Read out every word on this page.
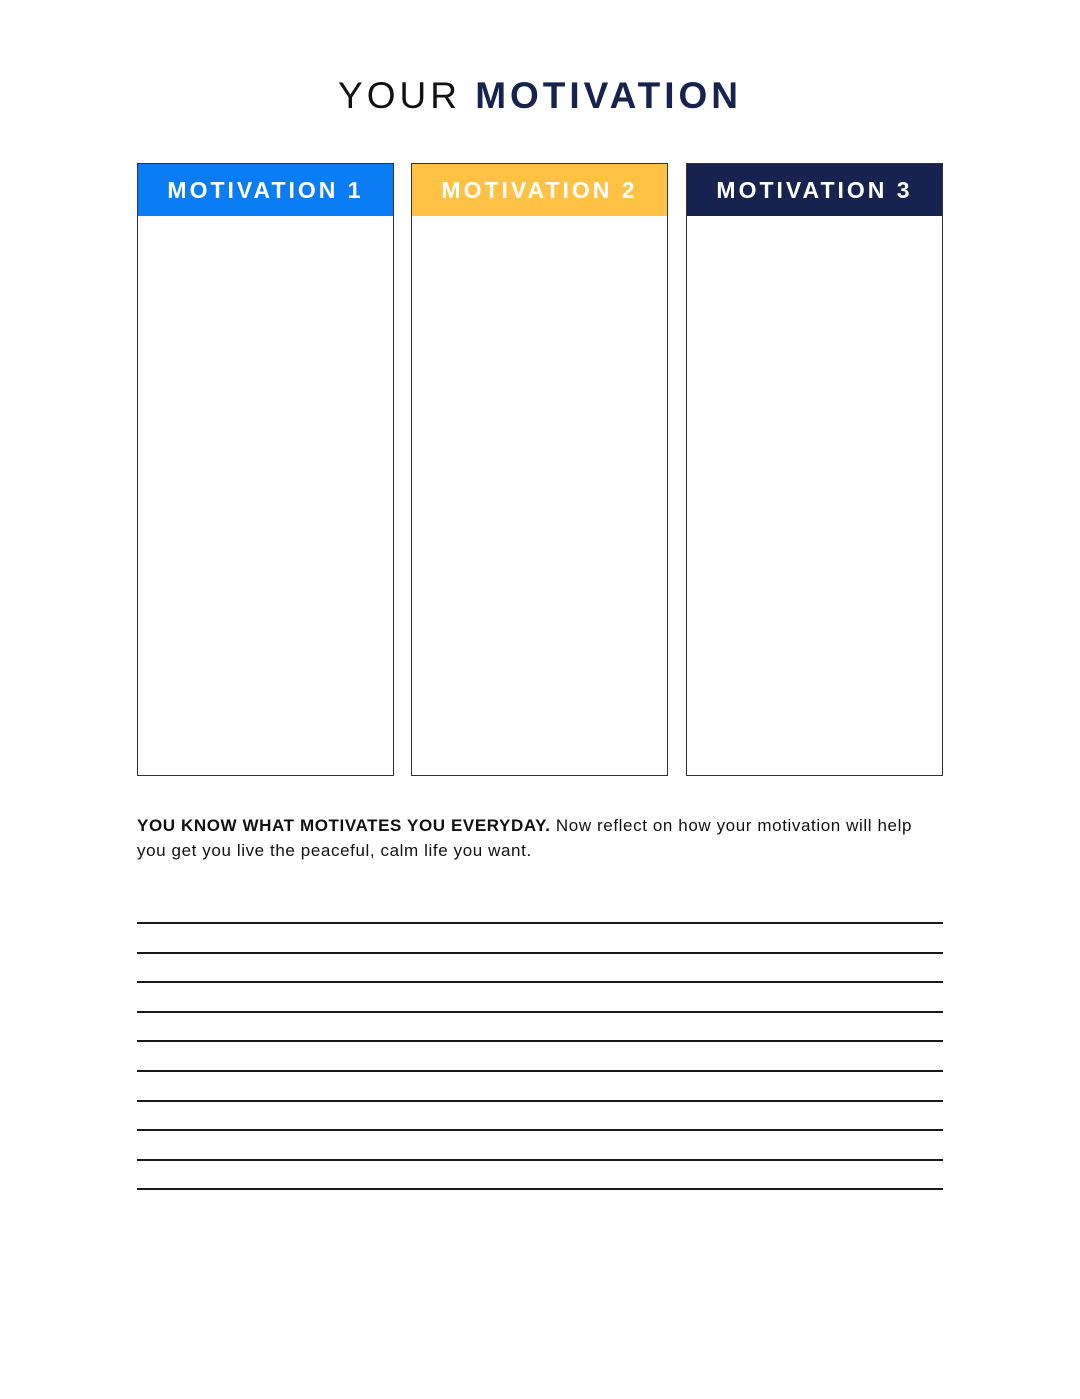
YOUR MOTIVATION
MOTIVATION 1	MOTIVATION 2	MOTIVATION 3
YOU KNOW WHAT MOTIVATES YOU EVERYDAY. Now reflect on how your motivation will help you get you live the peaceful, calm life you want.
